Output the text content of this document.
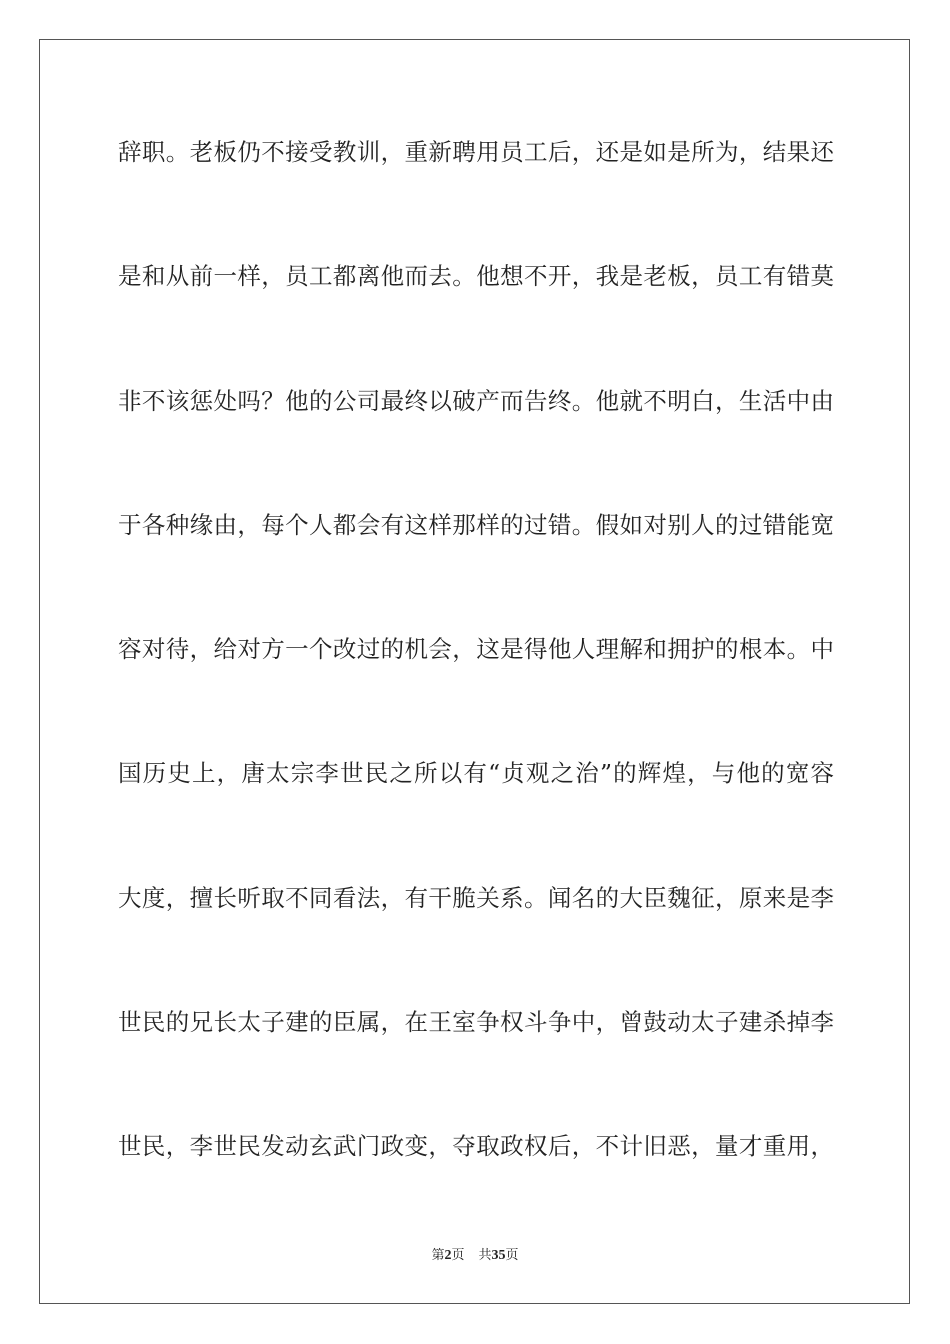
辞职。老板仍不接受教训，重新聘用员工后，还是如是所为，结果还
是和从前一样，员工都离他而去。他想不开，我是老板，员工有错莫
非不该惩处吗？他的公司最终以破产而告终。他就不明白，生活中由
于各种缘由，每个人都会有这样那样的过错。假如对别人的过错能宽
容对待，给对方一个改过的机会，这是得他人理解和拥护的根本。中
国历史上，唐太宗李世民之所以有“贞观之治”的辉煌，与他的宽容
大度，擅长听取不同看法，有干脆关系。闻名的大臣魏征，原来是李
世民的兄长太子建的臣属，在王室争权斗争中，曾鼓动太子建杀掉李
世民，李世民发动玄武门政变，夺取政权后，不计旧恶，量才重用，
第2页 共35页
